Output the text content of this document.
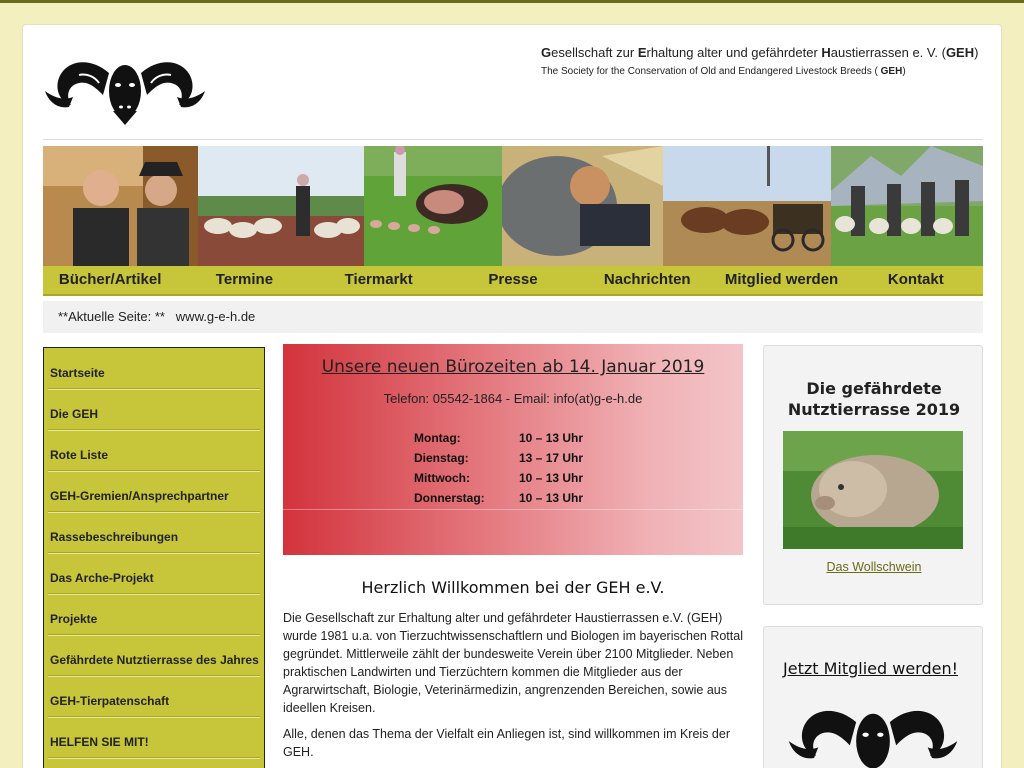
Gesellschaft zur Erhaltung alter und gefährdeter Haustierrassen e. V. (GEH)
The Society for the Conservation of Old and Endangered Livestock Breeds ( GEH)
Bücher/Artikel	Termine	Tiermarkt	Presse	Nachrichten	Mitglied werden	Kontakt
**Aktuelle Seite: ** www.g-e-h.de
Startseite
Die GEH
Rote Liste
GEH-Gremien/Ansprechpartner
Rassebeschreibungen
Das Arche-Projekt
Projekte
Gefährdete Nutztierrasse des Jahres
GEH-Tierpatenschaft
HELFEN SIE MIT!
Unsere neuen Bürozeiten ab 14. Januar 2019
Telefon: 05542-1864 - Email: info(at)g-e-h.de
Montag:	10 – 13 Uhr
Dienstag:	13 – 17 Uhr
Mittwoch:	10 – 13 Uhr
Donnerstag:	10 – 13 Uhr
Herzlich Willkommen bei der GEH e.V.
Die Gesellschaft zur Erhaltung alter und gefährdeter Haustierrassen e.V. (GEH) wurde 1981 u.a. von Tierzuchtwissenschaftlern und Biologen im bayerischen Rottal gegründet. Mittlerweile zählt der bundesweite Verein über 2100 Mitglieder. Neben praktischen Landwirten und Tierzüchtern kommen die Mitglieder aus der Agrarwirtschaft, Biologie, Veterinärmedizin, angrenzenden Bereichen, sowie aus ideellen Kreisen.
Alle, denen das Thema der Vielfalt ein Anliegen ist, sind willkommen im Kreis der GEH.
Die gefährdete Nutztierrasse 2019
Das Wollschwein
Jetzt Mitglied werden!
